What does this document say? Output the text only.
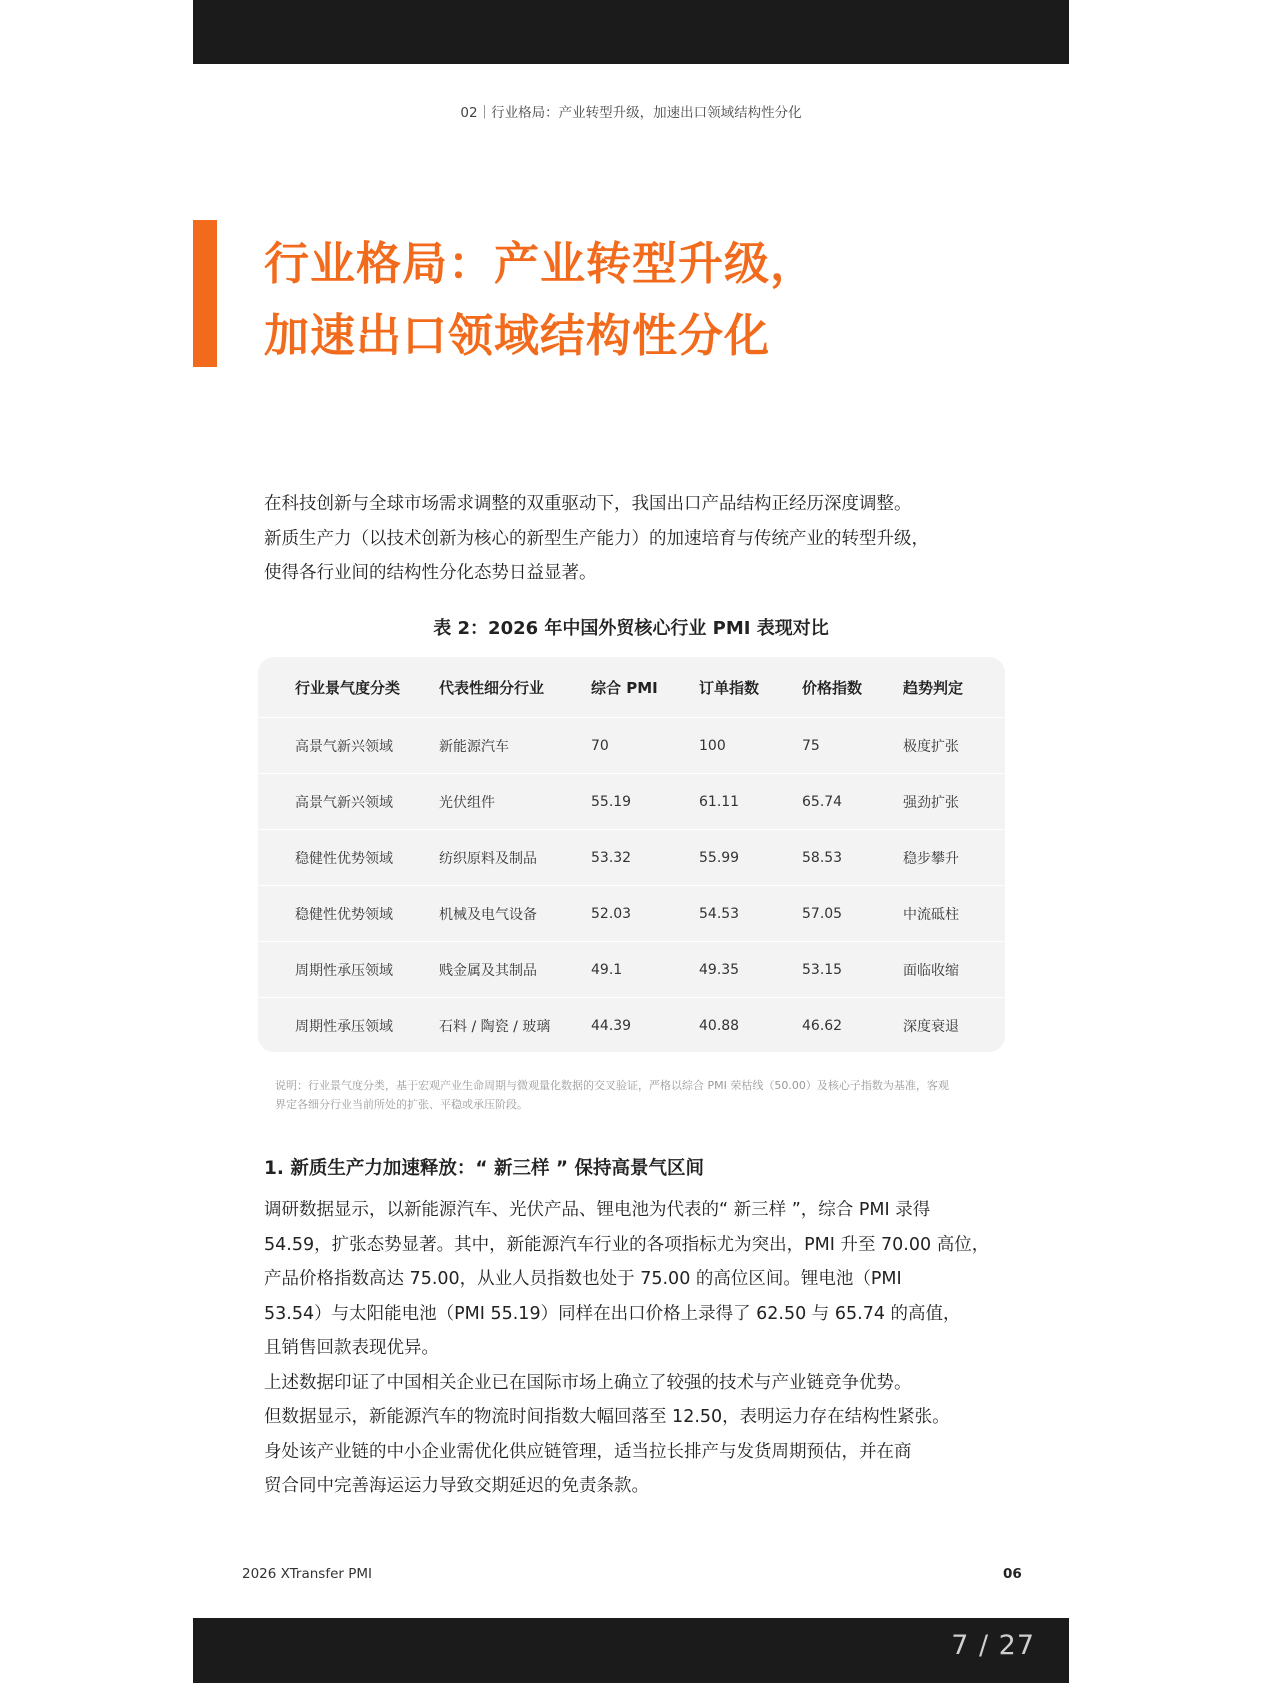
02｜行业格局：产业转型升级，加速出口领域结构性分化
行业格局：产业转型升级，
加速出口领域结构性分化

在科技创新与全球市场需求调整的双重驱动下，我国出口产品结构正经历深度调整。

新质生产力（以技术创新为核心的新型生产能力）的加速培育与传统产业的转型升级，

使得各行业间的结构性分化态势日益显著。

表 2：2026 年中国外贸核心行业 PMI 表现对比
行业景气度分类	代表性细分行业	综合 PMI	订单指数	价格指数	趋势判定
高景气新兴领域	新能源汽车	70	100	75	极度扩张
高景气新兴领域	光伏组件	55.19	61.11	65.74	强劲扩张
稳健性优势领域	纺织原料及制品	53.32	55.99	58.53	稳步攀升
稳健性优势领域	机械及电气设备	52.03	54.53	57.05	中流砥柱
周期性承压领域	贱金属及其制品	49.1	49.35	53.15	面临收缩
周期性承压领域	石料 / 陶瓷 / 玻璃	44.39	40.88	46.62	深度衰退

说明：行业景气度分类，基于宏观产业生命周期与微观量化数据的交叉验证，严格以综合 PMI 荣枯线（50.00）及核心子指数为基准，客观

界定各细分行业当前所处的扩张、平稳或承压阶段。

1. 新质生产力加速释放：“ 新三样 ” 保持高景气区间

调研数据显示，以新能源汽车、光伏产品、锂电池为代表的“ 新三样 ”，综合 PMI 录得

54.59，扩张态势显著。其中，新能源汽车行业的各项指标尤为突出，PMI 升至 70.00 高位，

产品价格指数高达 75.00，从业人员指数也处于 75.00 的高位区间。锂电池（PMI

53.54）与太阳能电池（PMI 55.19）同样在出口价格上录得了 62.50 与 65.74 的高值，

且销售回款表现优异。

上述数据印证了中国相关企业已在国际市场上确立了较强的技术与产业链竞争优势。

但数据显示，新能源汽车的物流时间指数大幅回落至 12.50，表明运力存在结构性紧张。

身处该产业链的中小企业需优化供应链管理，适当拉长排产与发货周期预估，并在商

贸合同中完善海运运力导致交期延迟的免责条款。

2026 XTransfer PMI	06
7 / 27
